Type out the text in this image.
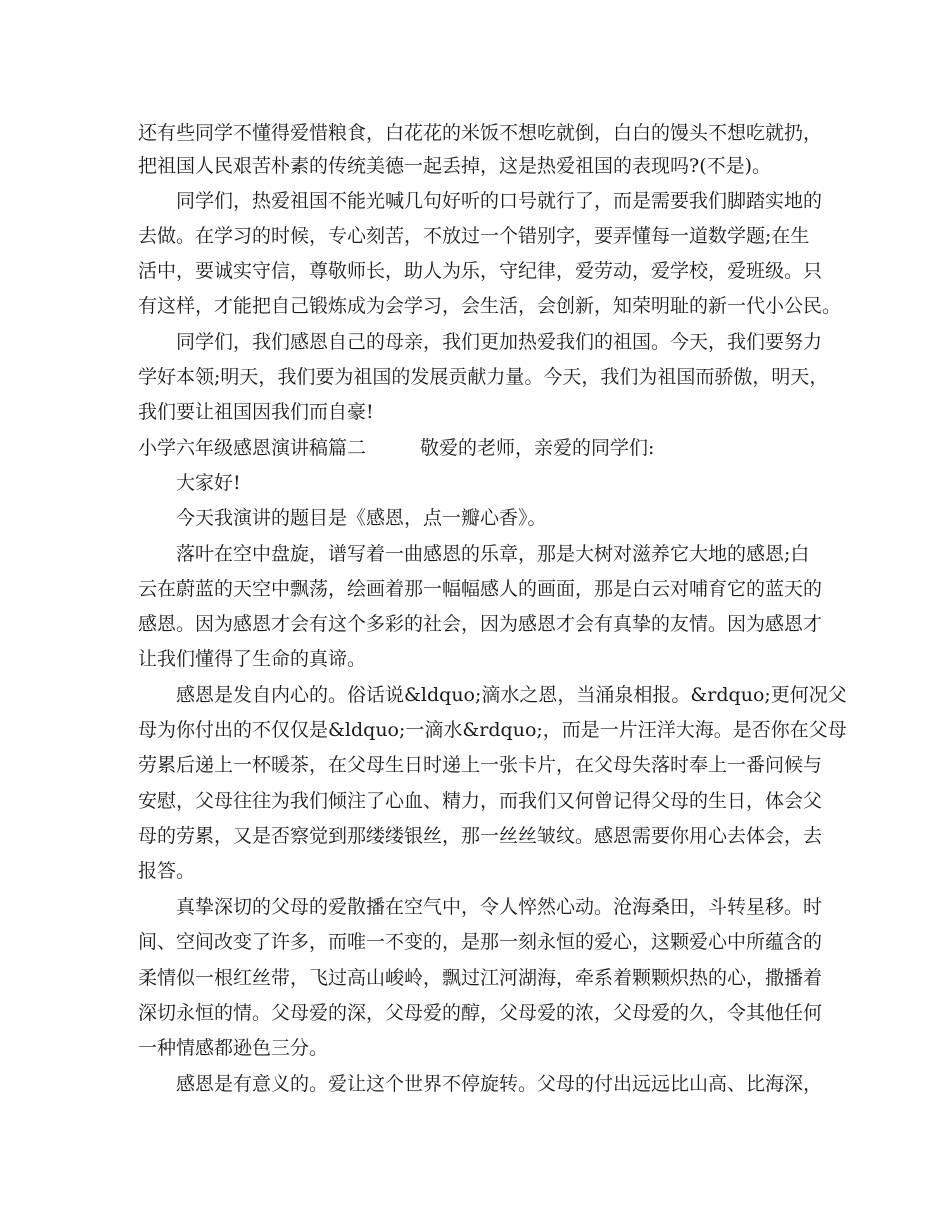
还有些同学不懂得爱惜粮食，白花花的米饭不想吃就倒，白白的馒头不想吃就扔，

把祖国人民艰苦朴素的传统美德一起丢掉，这是热爱祖国的表现吗?(不是)。

同学们，热爱祖国不能光喊几句好听的口号就行了，而是需要我们脚踏实地的

去做。在学习的时候，专心刻苦，不放过一个错别字，要弄懂每一道数学题;在生

活中，要诚实守信，尊敬师长，助人为乐，守纪律，爱劳动，爱学校，爱班级。只

有这样，才能把自己锻炼成为会学习，会生活，会创新，知荣明耻的新一代小公民。

同学们，我们感恩自己的母亲，我们更加热爱我们的祖国。今天，我们要努力

学好本领;明天，我们要为祖国的发展贡献力量。今天，我们为祖国而骄傲，明天，

我们要让祖国因我们而自豪!

小学六年级感恩演讲稿篇二	敬爱的老师，亲爱的同学们:

大家好!

今天我演讲的题目是《感恩，点一瓣心香》。

落叶在空中盘旋，谱写着一曲感恩的乐章，那是大树对滋养它大地的感恩;白

云在蔚蓝的天空中飘荡，绘画着那一幅幅感人的画面，那是白云对哺育它的蓝天的

感恩。因为感恩才会有这个多彩的社会，因为感恩才会有真挚的友情。因为感恩才

让我们懂得了生命的真谛。

感恩是发自内心的。俗话说&ldquo;滴水之恩，当涌泉相报。&rdquo;更何况父

母为你付出的不仅仅是&ldquo;一滴水&rdquo;，而是一片汪洋大海。是否你在父母

劳累后递上一杯暖茶，在父母生日时递上一张卡片，在父母失落时奉上一番问候与

安慰，父母往往为我们倾注了心血、精力，而我们又何曾记得父母的生日，体会父

母的劳累，又是否察觉到那缕缕银丝，那一丝丝皱纹。感恩需要你用心去体会，去

报答。

真挚深切的父母的爱散播在空气中，令人悴然心动。沧海桑田，斗转星移。时

间、空间改变了许多，而唯一不变的，是那一刻永恒的爱心，这颗爱心中所蕴含的

柔情似一根红丝带，飞过高山峻岭，飘过江河湖海，牵系着颗颗炽热的心，撒播着

深切永恒的情。父母爱的深，父母爱的醇，父母爱的浓，父母爱的久，令其他任何

一种情感都逊色三分。

感恩是有意义的。爱让这个世界不停旋转。父母的付出远远比山高、比海深，
